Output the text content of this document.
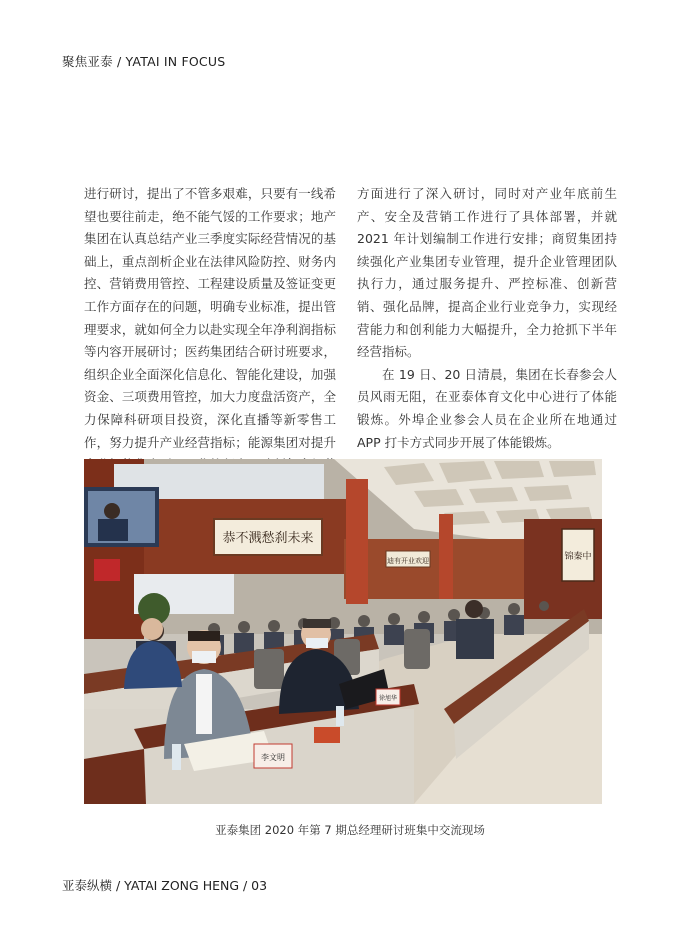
聚焦亚泰 / YATAI IN FOCUS

进行研讨，提出了不管多艰难，只要有一线希望也要往前走，绝不能气馁的工作要求；地产集团在认真总结产业三季度实际经营情况的基础上，重点剖析企业在法律风险防控、财务内控、营销费用管控、工程建设质量及签证变更工作方面存在的问题，明确专业标准，提出管理要求，就如何全力以赴实现全年净利润指标等内容开展研讨；医药集团结合研讨班要求，组织企业全面深化信息化、智能化建设，加强资金、三项费用管控，加大力度盘活资产，全力保障科研项目投资，深化直播等新零售工作，努力提升产业经营指标；能源集团对提升

方面进行了深入研讨，同时对产业年底前生产、安全及营销工作进行了具体部署，并就 2021 年计划编制工作进行安排；商贸集团持续强化产业集团专业管理，提升企业管理团队执行力，通过服务提升、严控标准、创新营销、强化品牌，提高企业行业竞争力，实现经营能力和创利能力大幅提升，全力抢抓下半年经营指标。

在 19 日、20 日清晨，集团在长春参会人员风雨无阻，在亚泰体育文化中心进行了体能锻炼。外埠企业参会人员在企业所在地通过 APP 打卡方式同步开展了体能锻炼。

恭不溅愁刹未来
迪有开业欢迎	锦秦中
李文明
徐旭华
亚泰集团 2020 年第 7 期总经理研讨班集中交流现场
亚泰纵横 / YATAI ZONG HENG / 03
